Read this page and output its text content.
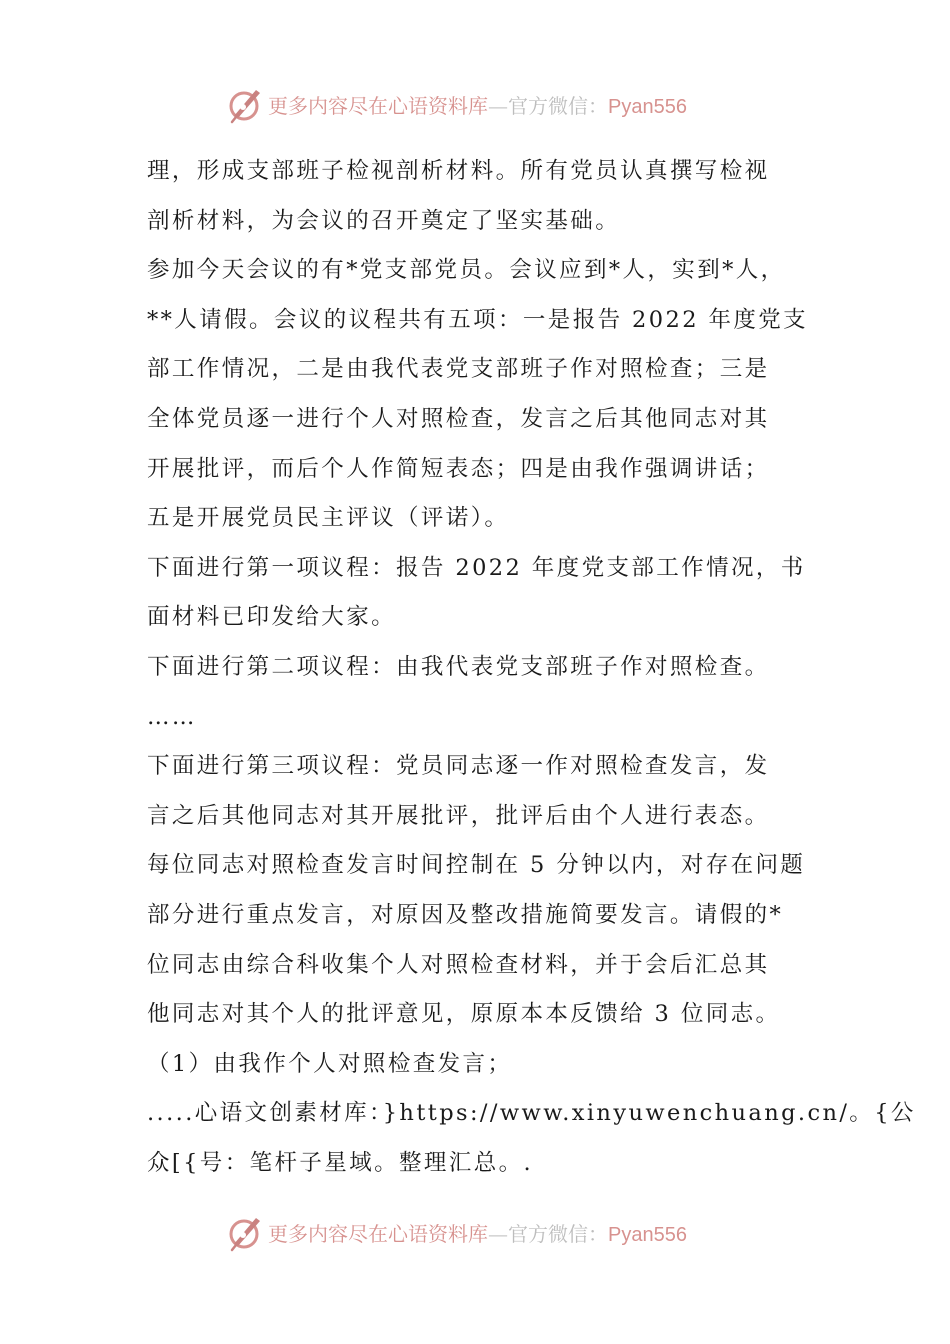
更多内容尽在心语资料库—官方微信：Pyan556
理，形成支部班子检视剖析材料。所有党员认真撰写检视
剖析材料，为会议的召开奠定了坚实基础。
参加今天会议的有*党支部党员。会议应到*人，实到*人，
**人请假。会议的议程共有五项：一是报告 2022 年度党支
部工作情况，二是由我代表党支部班子作对照检查；三是
全体党员逐一进行个人对照检查，发言之后其他同志对其
开展批评，而后个人作简短表态；四是由我作强调讲话；
五是开展党员民主评议（评诺）。
下面进行第一项议程：报告 2022 年度党支部工作情况，书
面材料已印发给大家。
下面进行第二项议程：由我代表党支部班子作对照检查。
……
下面进行第三项议程：党员同志逐一作对照检查发言，发
言之后其他同志对其开展批评，批评后由个人进行表态。
每位同志对照检查发言时间控制在 5 分钟以内，对存在问题
部分进行重点发言，对原因及整改措施简要发言。请假的*
位同志由综合科收集个人对照检查材料，并于会后汇总其
他同志对其个人的批评意见，原原本本反馈给 3 位同志。
（1）由我作个人对照检查发言；
.....心语文创素材库：}https://www.xinyuwenchuang.cn/。{公
众[{号：笔杆子星域。整理汇总。.
更多内容尽在心语资料库—官方微信：Pyan556
